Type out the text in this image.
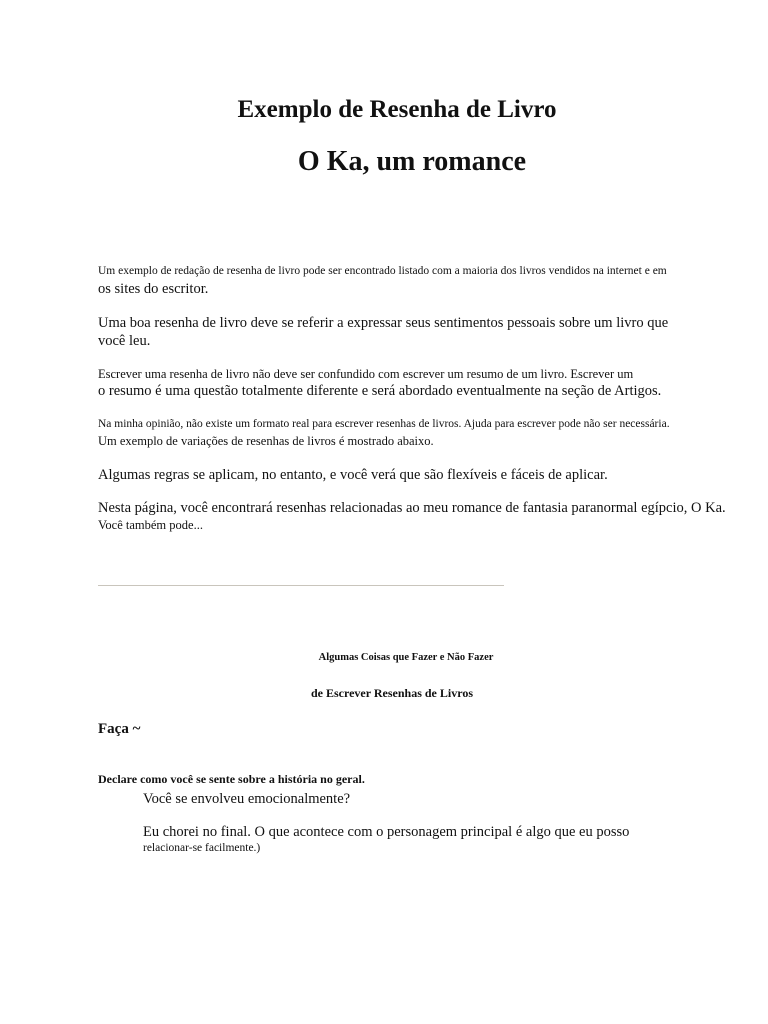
Exemplo de Resenha de Livro
O Ka, um romance
Um exemplo de redação de resenha de livro pode ser encontrado listado com a maioria dos livros vendidos na internet e em
os sites do escritor.
Uma boa resenha de livro deve se referir a expressar seus sentimentos pessoais sobre um livro que
você leu.
Escrever uma resenha de livro não deve ser confundido com escrever um resumo de um livro. Escrever um
o resumo é uma questão totalmente diferente e será abordado eventualmente na seção de Artigos.
Na minha opinião, não existe um formato real para escrever resenhas de livros. Ajuda para escrever pode não ser necessária.
Um exemplo de variações de resenhas de livros é mostrado abaixo.
Algumas regras se aplicam, no entanto, e você verá que são flexíveis e fáceis de aplicar.
Nesta página, você encontrará resenhas relacionadas ao meu romance de fantasia paranormal egípcio, O Ka.
Você também pode...
Algumas Coisas que Fazer e Não Fazer
de Escrever Resenhas de Livros
Faça ~
Declare como você se sente sobre a história no geral.
Você se envolveu emocionalmente?
Eu chorei no final. O que acontece com o personagem principal é algo que eu posso
relacionar-se facilmente.)
